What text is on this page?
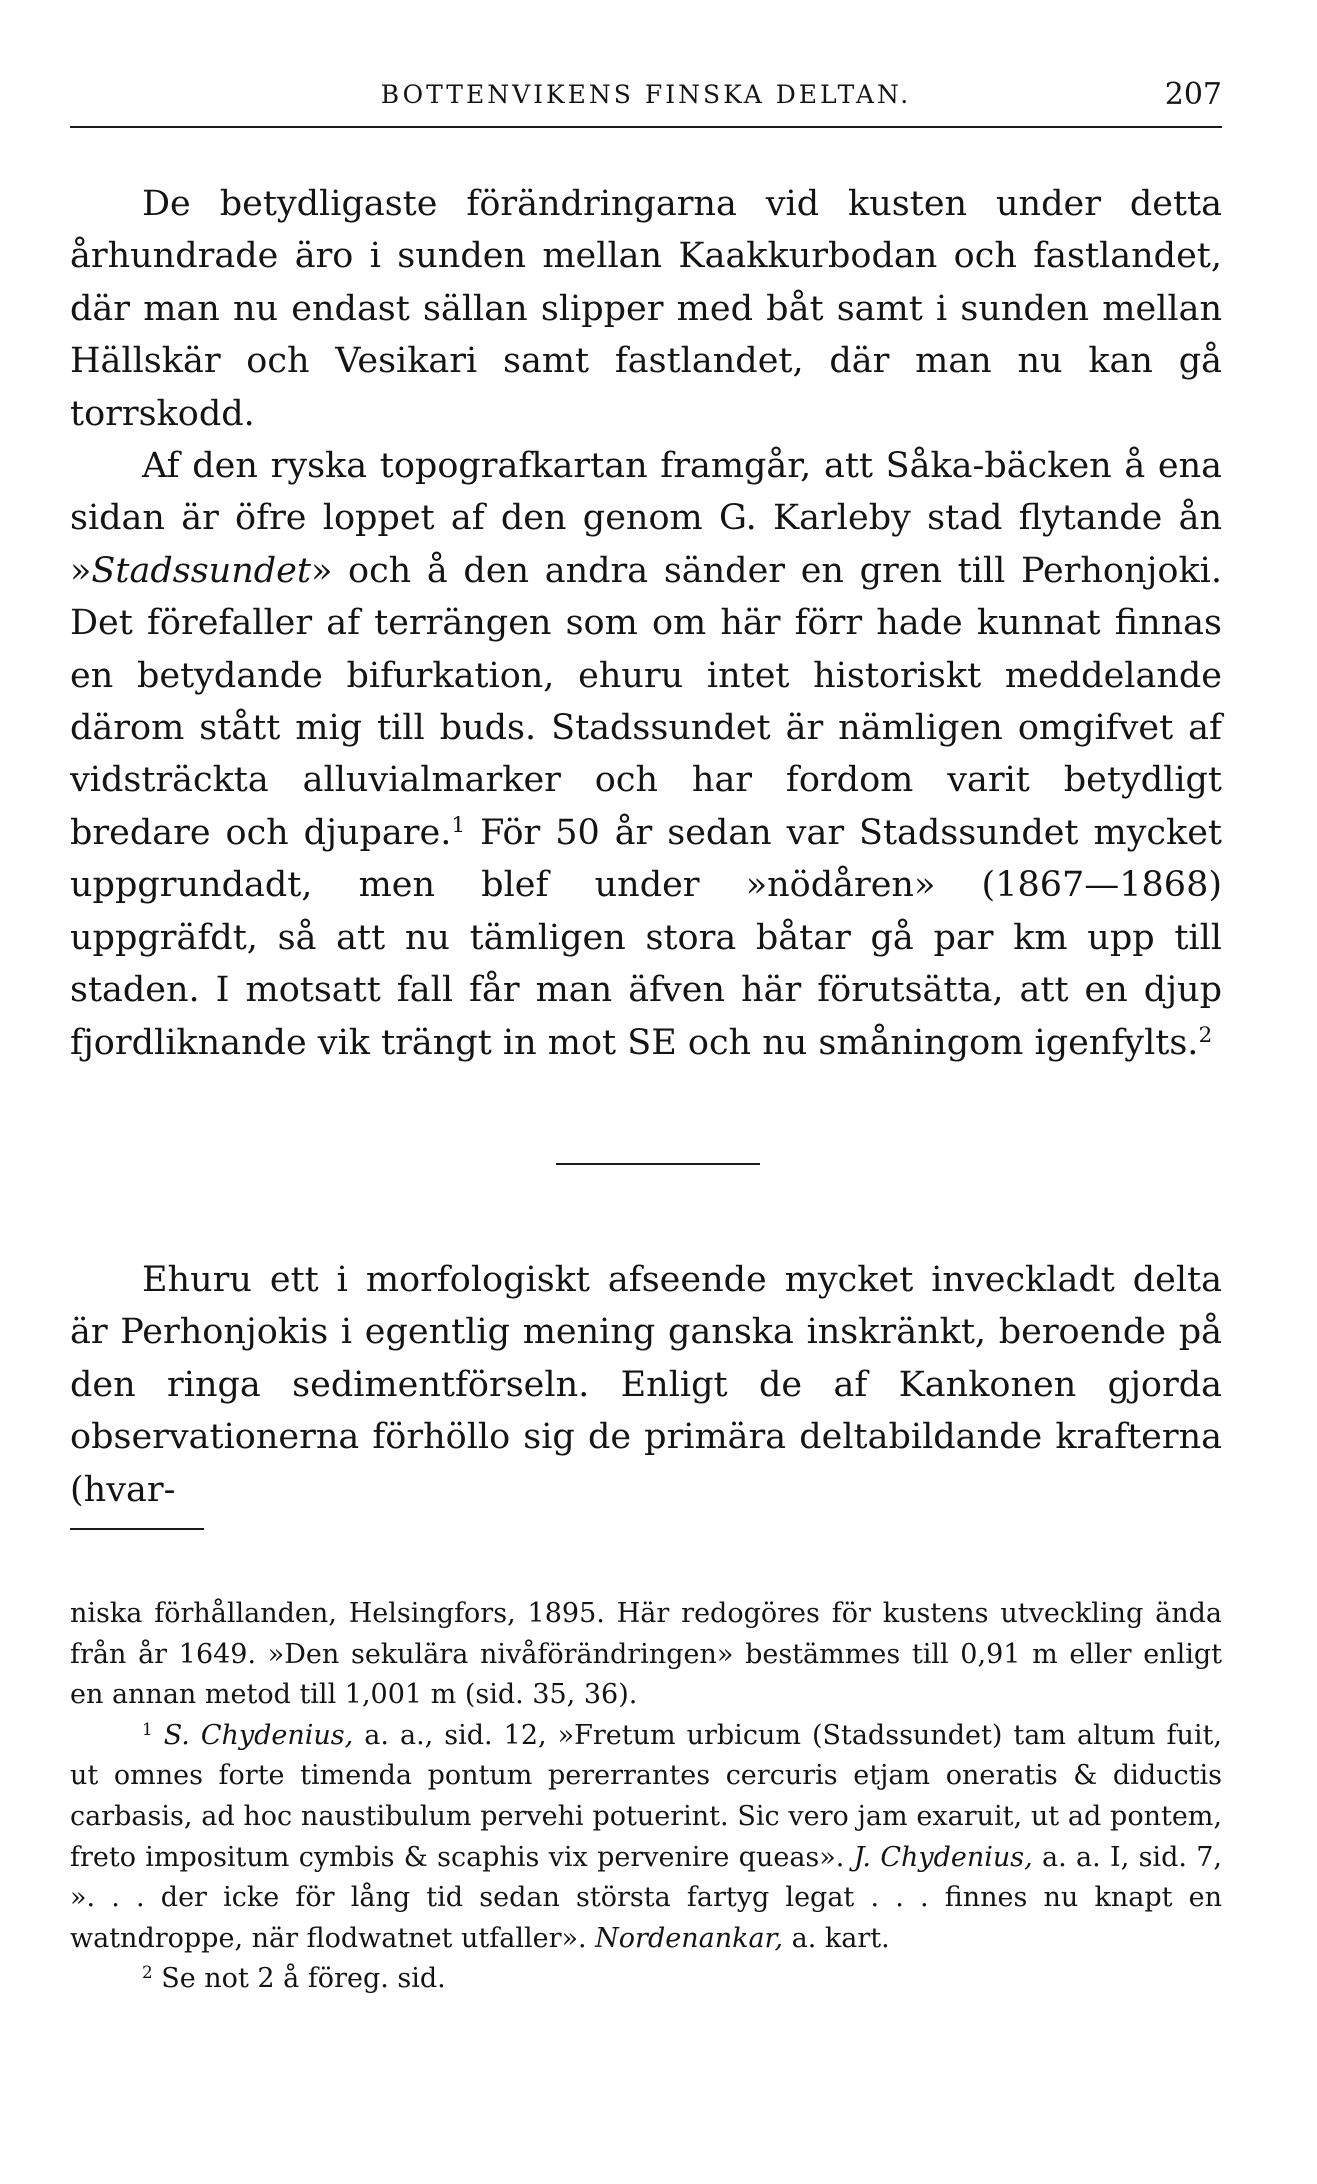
BOTTENVIKENS FINSKA DELTAN.	207

De betydligaste förändringarna vid kusten under detta århundrade äro i sunden mellan Kaakkurbodan och fastlandet, där man nu endast sällan slipper med båt samt i sunden mellan Hällskär och Vesikari samt fastlandet, där man nu kan gå torrskodd.

Af den ryska topografkartan framgår, att Såka-bäcken å ena sidan är öfre loppet af den genom G. Karleby stad flytande ån »Stadssundet» och å den andra sänder en gren till Perhonjoki. Det förefaller af terrängen som om här förr hade kunnat finnas en betydande bifurkation, ehuru intet historiskt meddelande därom stått mig till buds. Stadssundet är nämligen omgifvet af vidsträckta alluvialmarker och har fordom varit betydligt bredare och djupare.$^1$ För 50 år sedan var Stadssundet mycket uppgrundadt, men blef under »nödåren» (1867—1868) uppgräfdt, så att nu tämligen stora båtar gå par km upp till staden. I motsatt fall får man äfven här förutsätta, att en djup fjordliknande vik trängt in mot SE och nu småningom igenfylts.$^2$

Ehuru ett i morfologiskt afseende mycket inveckladt delta är Perhonjokis i egentlig mening ganska inskränkt, beroende på den ringa sedimentförseln. Enligt de af Kankonen gjorda observationerna förhöllo sig de primära deltabildande krafterna (hvar-

niska förhållanden, Helsingfors, 1895. Här redogöres för kustens utveckling ända från år 1649. »Den sekulära nivåförändringen» bestämmes till 0,91 m eller enligt en annan metod till 1,001 m (sid. 35, 36).

$^1$ S. Chydenius, a. a., sid. 12, »Fretum urbicum (Stadssundet) tam altum fuit, ut omnes forte timenda pontum pererrantes cercuris etjam oneratis & diductis carbasis, ad hoc naustibulum pervehi potuerint. Sic vero jam exaruit, ut ad pontem, freto impositum cymbis & scaphis vix pervenire queas». J. Chydenius, a. a. I, sid. 7, ». . . der icke för lång tid sedan största fartyg legat . . . finnes nu knapt en watndroppe, när flodwatnet utfaller». Nordenankar, a. kart.

$^2$ Se not 2 å föreg. sid.
